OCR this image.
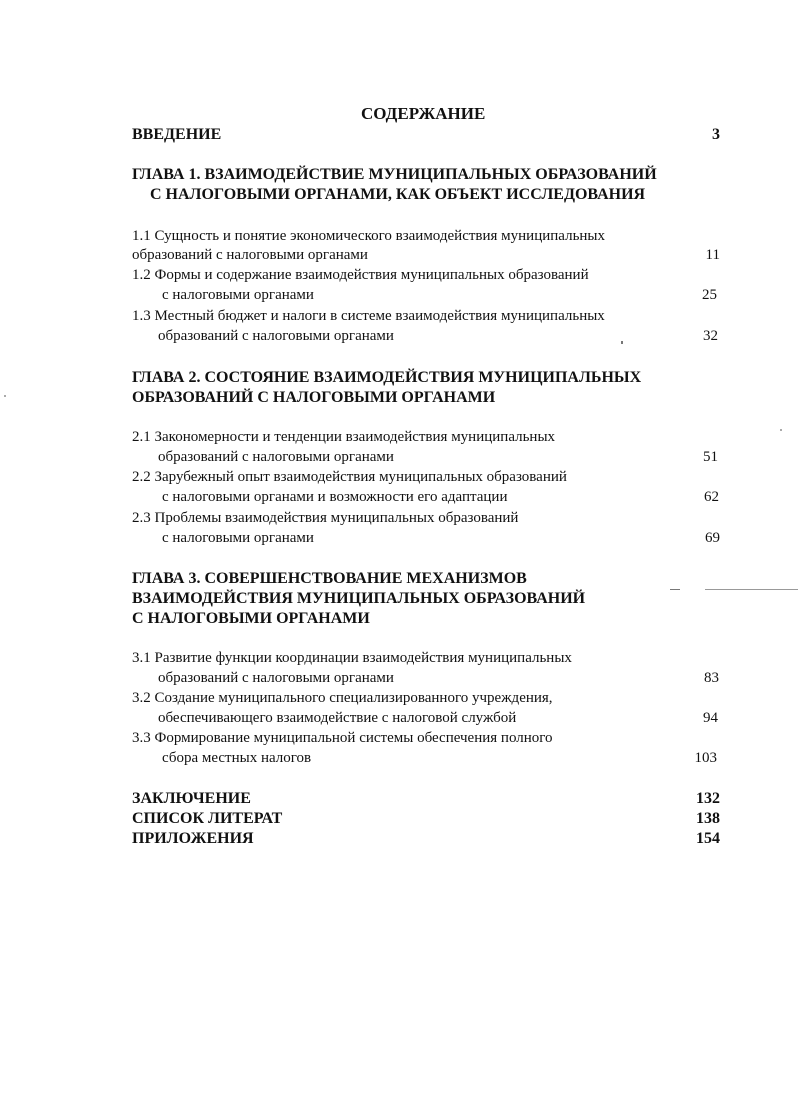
СОДЕРЖАНИЕ
ВВЕДЕНИЕ	3
ГЛАВА 1. ВЗАИМОДЕЙСТВИЕ МУНИЦИПАЛЬНЫХ ОБРАЗОВАНИЙ
С НАЛОГОВЫМИ ОРГАНАМИ, КАК ОБЪЕКТ ИССЛЕДОВАНИЯ
1.1 Сущность и понятие экономического взаимодействия муниципальных
образований с налоговыми органами	11
1.2 Формы и содержание взаимодействия муниципальных образований
с налоговыми органами	25
1.3 Местный бюджет и налоги в системе взаимодействия муниципальных
образований с налоговыми органами	32
ГЛАВА 2. СОСТОЯНИЕ ВЗАИМОДЕЙСТВИЯ МУНИЦИПАЛЬНЫХ
ОБРАЗОВАНИЙ С НАЛОГОВЫМИ ОРГАНАМИ
2.1 Закономерности и тенденции взаимодействия муниципальных
образований с налоговыми органами	51
2.2 Зарубежный опыт взаимодействия муниципальных образований
с налоговыми органами и возможности его адаптации	62
2.3 Проблемы взаимодействия муниципальных образований
с налоговыми органами	69
ГЛАВА 3. СОВЕРШЕНСТВОВАНИЕ МЕХАНИЗМОВ
ВЗАИМОДЕЙСТВИЯ МУНИЦИПАЛЬНЫХ ОБРАЗОВАНИЙ
С НАЛОГОВЫМИ ОРГАНАМИ
3.1 Развитие функции координации взаимодействия муниципальных
образований с налоговыми органами	83
3.2 Создание муниципального специализированного учреждения,
обеспечивающего взаимодействие с налоговой службой	94
3.3 Формирование муниципальной системы обеспечения полного
сбора местных налогов	103
ЗАКЛЮЧЕНИЕ	132
СПИСОК ЛИТЕРАТ	138
ПРИЛОЖЕНИЯ	154
